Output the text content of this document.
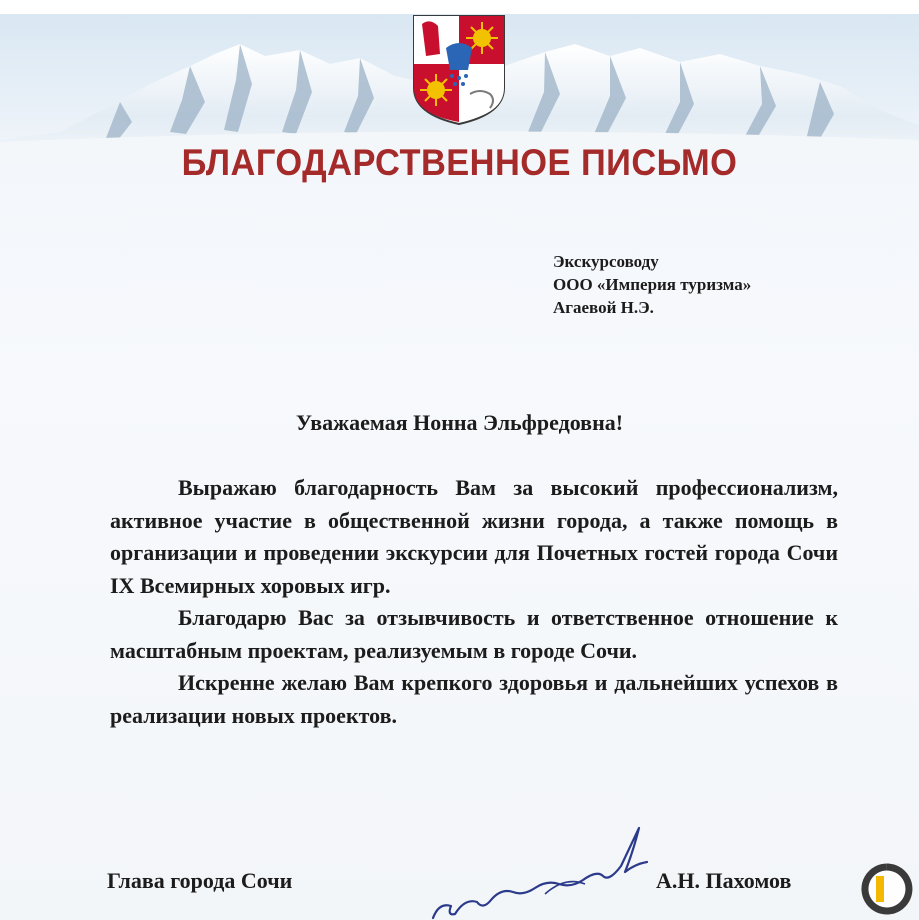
БЛАГОДАРСТВЕННОЕ ПИСЬМО
Экскурсоводу
ООО «Империя туризма»
Агаевой Н.Э.
Уважаемая Нонна Эльфредовна!

Выражаю благодарность Вам за высокий профессионализм, активное участие в общественной жизни города, а также помощь в организации и проведении экскурсии для Почетных гостей города Сочи IX Всемирных хоровых игр.

Благодарю Вас за отзывчивость и ответственное отношение к масштабным проектам, реализуемым в городе Сочи.

Искренне желаю Вам крепкого здоровья и дальнейших успехов в реализации новых проектов.

Глава города Сочи	А.Н. Пахомов
